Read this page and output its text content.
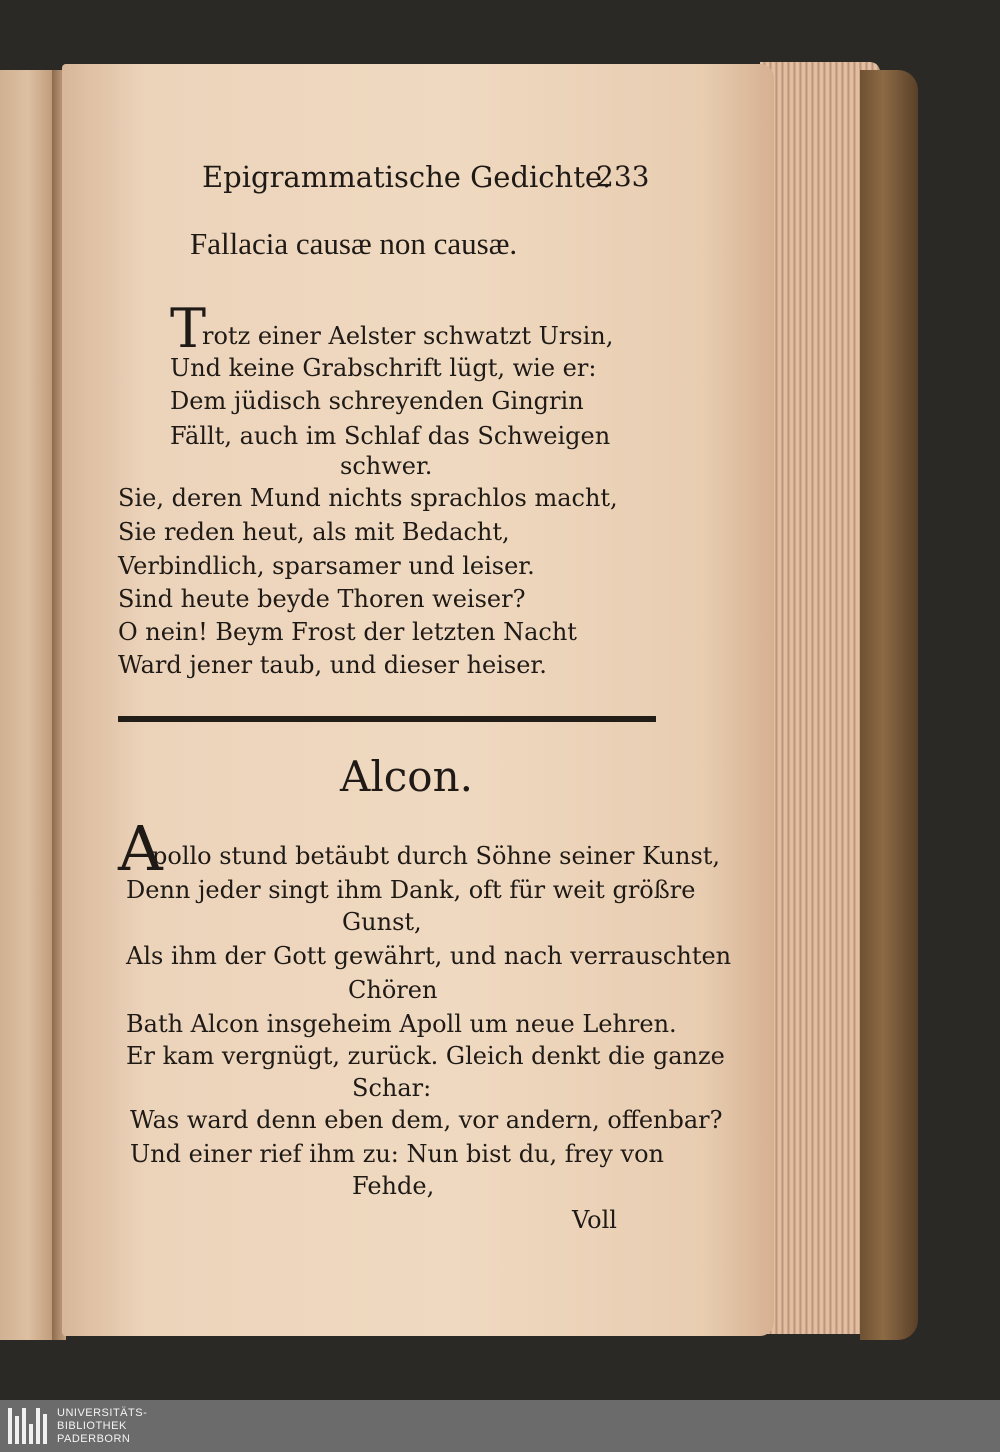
Epigrammatische Gedichte.
233
Fallacia causæ non causæ.
T
rotz einer Aelster schwatzt Ursin,
Und keine Grabschrift lügt, wie er:
Dem jüdisch schreyenden Gingrin
Fällt, auch im Schlaf das Schweigen
schwer.
Sie, deren Mund nichts sprachlos macht,
Sie reden heut, als mit Bedacht,
Verbindlich, sparsamer und leiser.
Sind heute beyde Thoren weiser?
O nein! Beym Frost der letzten Nacht
Ward jener taub, und dieser heiser.
Alcon.
A
pollo stund betäubt durch Söhne seiner Kunst,
Denn jeder singt ihm Dank, oft für weit größre
Gunst,
Als ihm der Gott gewährt, und nach verrauschten
Chören
Bath Alcon insgeheim Apoll um neue Lehren.
Er kam vergnügt, zurück. Gleich denkt die ganze
Schar:
Was ward denn eben dem, vor andern, offenbar?
Und einer rief ihm zu: Nun bist du, frey von
Fehde,
Voll
UNIVERSITÄTS-
BIBLIOTHEK
PADERBORN
